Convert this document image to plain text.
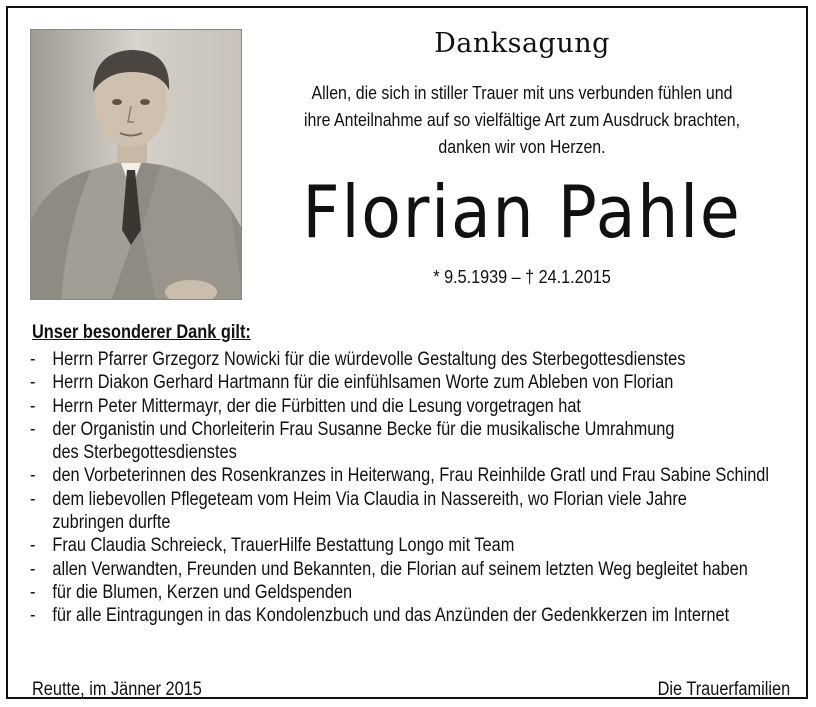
Danksagung
Allen, die sich in stiller Trauer mit uns verbunden fühlen und
ihre Anteilnahme auf so vielfältige Art zum Ausdruck brachten,
danken wir von Herzen.
Florian Pahle
* 9.5.1939 – † 24.1.2015
Unser besonderer Dank gilt:
- Herrn Pfarrer Grzegorz Nowicki für die würdevolle Gestaltung des Sterbegottesdienstes
- Herrn Diakon Gerhard Hartmann für die einfühlsamen Worte zum Ableben von Florian
- Herrn Peter Mittermayr, der die Fürbitten und die Lesung vorgetragen hat
- der Organistin und Chorleiterin Frau Susanne Becke für die musikalische Umrahmung
des Sterbegottesdienstes
- den Vorbeterinnen des Rosenkranzes in Heiterwang, Frau Reinhilde Gratl und Frau Sabine Schindl
- dem liebevollen Pflegeteam vom Heim Via Claudia in Nassereith, wo Florian viele Jahre
zubringen durfte
- Frau Claudia Schreieck, TrauerHilfe Bestattung Longo mit Team
- allen Verwandten, Freunden und Bekannten, die Florian auf seinem letzten Weg begleitet haben
- für die Blumen, Kerzen und Geldspenden
- für alle Eintragungen in das Kondolenzbuch und das Anzünden der Gedenkkerzen im Internet
Reutte, im Jänner 2015	Die Trauerfamilien
